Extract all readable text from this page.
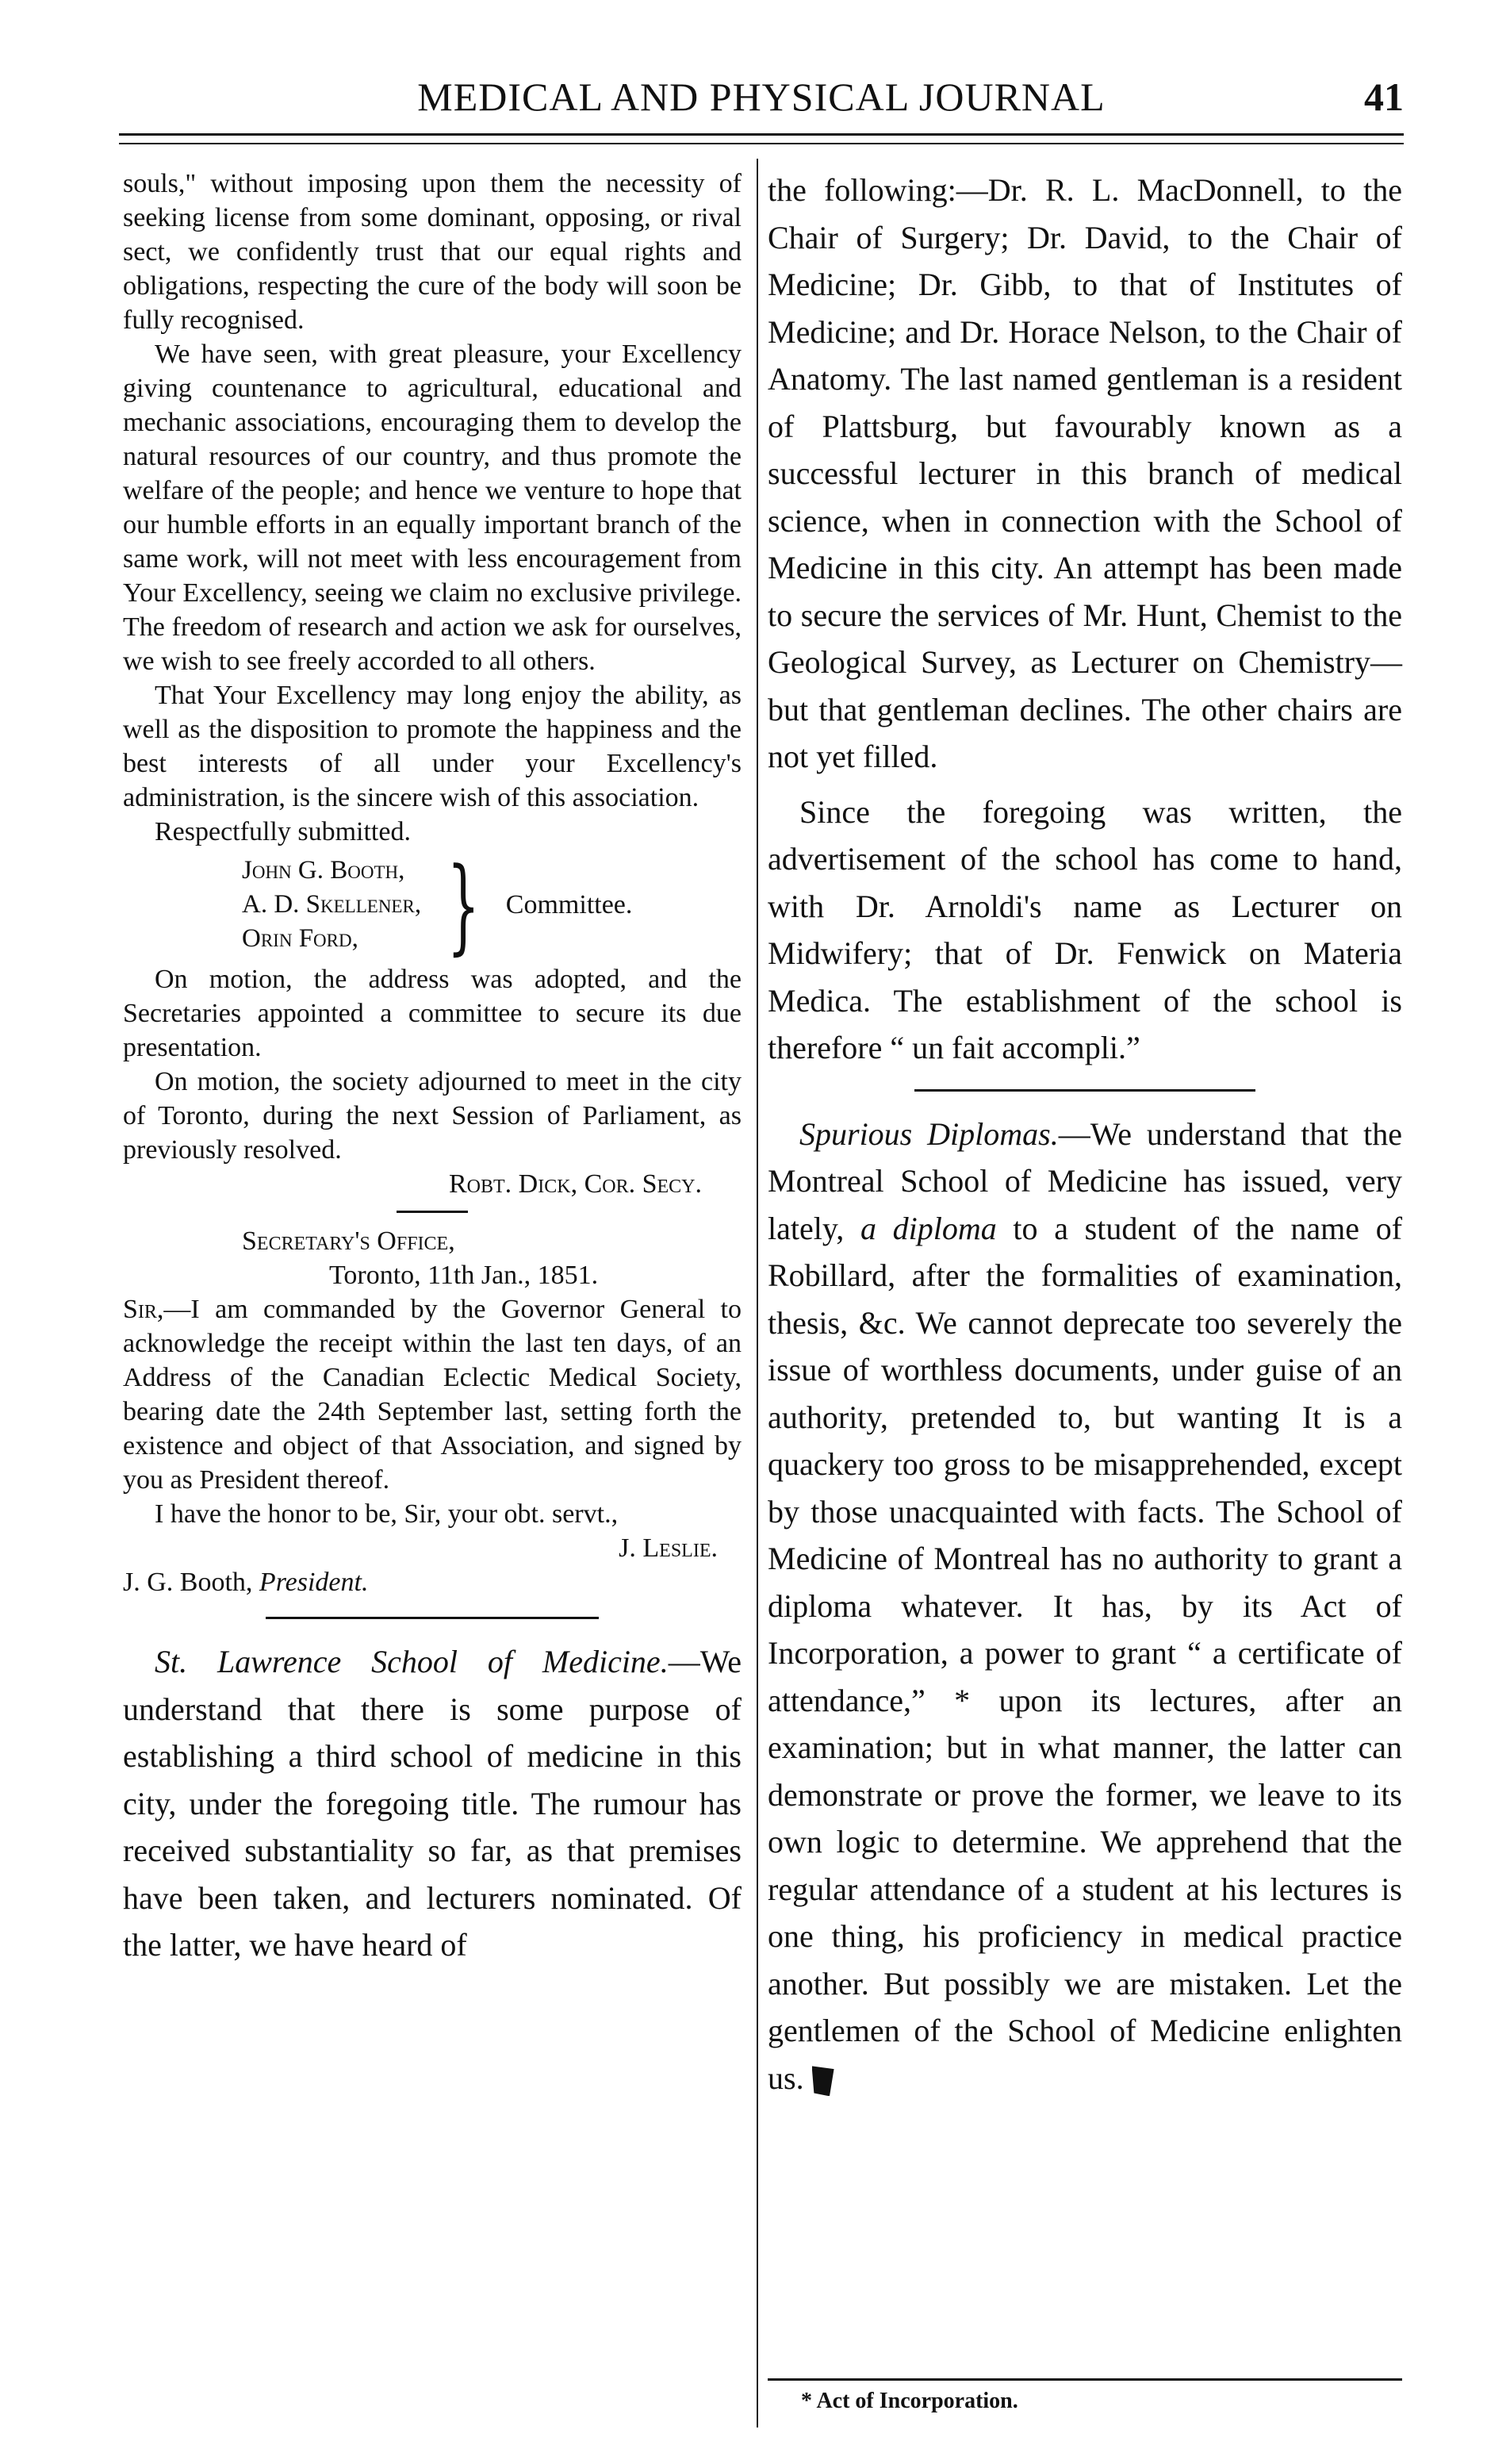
MEDICAL AND PHYSICAL JOURNAL	41

souls," without imposing upon them the necessity of seeking license from some dominant, opposing, or rival sect, we confidently trust that our equal rights and obligations, respecting the cure of the body will soon be fully recognised.

We have seen, with great pleasure, your Excellency giving countenance to agricultural, educational and mechanic associations, encouraging them to develop the natural resources of our country, and thus promote the welfare of the people; and hence we venture to hope that our humble efforts in an equally important branch of the same work, will not meet with less encouragement from Your Excellency, seeing we claim no exclusive privilege. The freedom of research and action we ask for ourselves, we wish to see freely accorded to all others.

That Your Excellency may long enjoy the ability, as well as the disposition to promote the happiness and the best interests of all under your Excellency's administration, is the sincere wish of this association.

Respectfully submitted.

John G. Booth,
A. D. Skellener,
Orin Ford, } Committee.

On motion, the address was adopted, and the Secretaries appointed a committee to secure its due presentation.

On motion, the society adjourned to meet in the city of Toronto, during the next Session of Parliament, as previously resolved.

Robt. Dick, Cor. Secy.

Secretary's Office,

Toronto, 11th Jan., 1851.

Sir,—I am commanded by the Governor General to acknowledge the receipt within the last ten days, of an Address of the Canadian Eclectic Medical Society, bearing date the 24th September last, setting forth the existence and object of that Association, and signed by you as President thereof.

I have the honor to be, Sir, your obt. servt.,

J. Leslie.

J. G. Booth, President.

St. Lawrence School of Medicine.—We understand that there is some purpose of establishing a third school of medicine in this city, under the foregoing title. The rumour has received substantiality so far, as that premises have been taken, and lecturers nominated. Of the latter, we have heard of

the following:—Dr. R. L. MacDonnell, to the Chair of Surgery; Dr. David, to the Chair of Medicine; Dr. Gibb, to that of Institutes of Medicine; and Dr. Horace Nelson, to the Chair of Anatomy. The last named gentleman is a resident of Plattsburg, but favourably known as a successful lecturer in this branch of medical science, when in connection with the School of Medicine in this city. An attempt has been made to secure the services of Mr. Hunt, Chemist to the Geological Survey, as Lecturer on Chemistry—but that gentleman declines. The other chairs are not yet filled.

Since the foregoing was written, the advertisement of the school has come to hand, with Dr. Arnoldi's name as Lecturer on Midwifery; that of Dr. Fenwick on Materia Medica. The establishment of the school is therefore “ un fait accompli.”

Spurious Diplomas.—We understand that the Montreal School of Medicine has issued, very lately, a diploma to a student of the name of Robillard, after the formalities of examination, thesis, &c. We cannot deprecate too severely the issue of worthless documents, under guise of an authority, pretended to, but wanting It is a quackery too gross to be misapprehended, except by those unacquainted with facts. The School of Medicine of Montreal has no authority to grant a diploma whatever. It has, by its Act of Incorporation, a power to grant “ a certificate of attendance,” * upon its lectures, after an examination; but in what manner, the latter can demonstrate or prove the former, we leave to its own logic to determine. We apprehend that the regular attendance of a student at his lectures is one thing, his proficiency in medical practice another. But possibly we are mistaken. Let the gentlemen of the School of Medicine enlighten us.

* Act of Incorporation.
